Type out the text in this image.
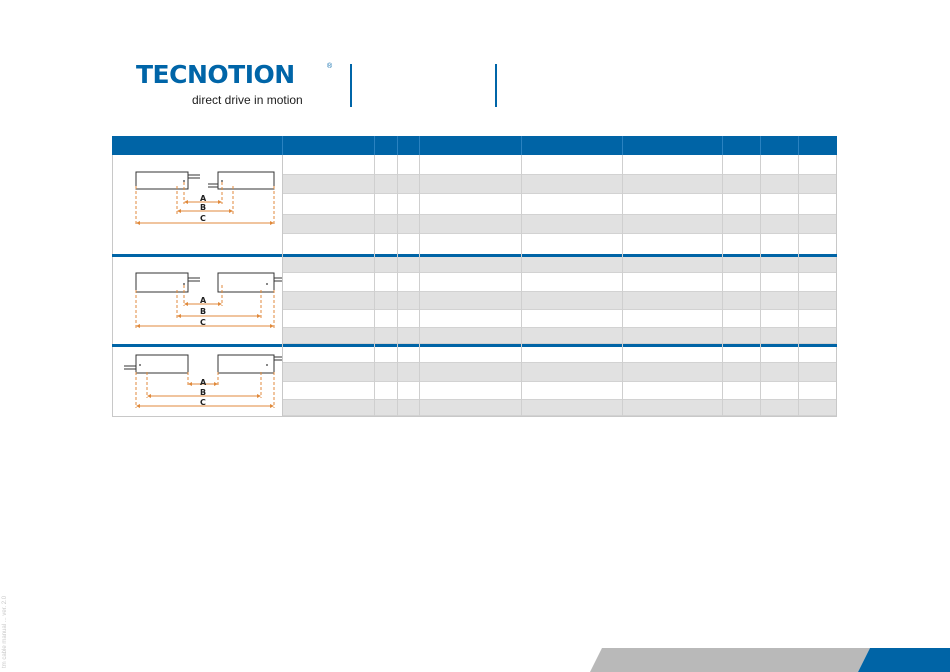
TECNOTION	®
direct drive in motion
A
B
C
A
B
C
A
B
C
tm cable manual ... ver. 2.0
